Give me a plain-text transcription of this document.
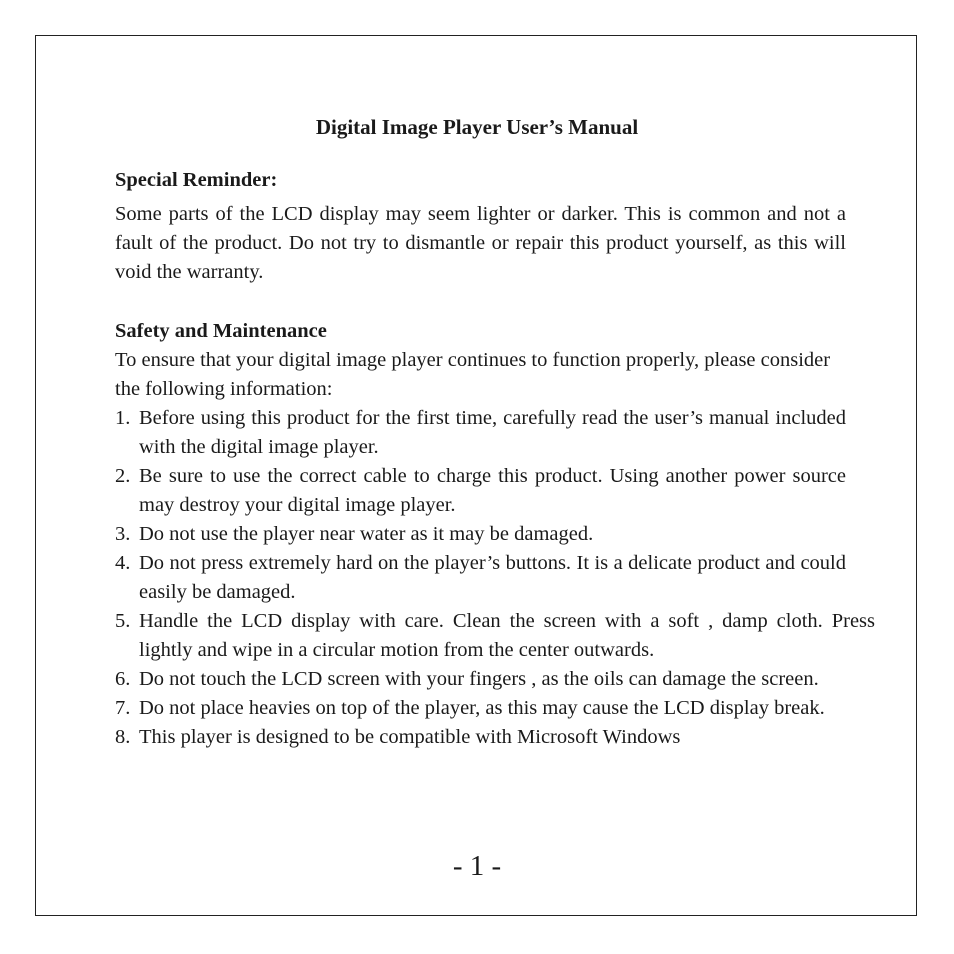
Digital Image Player User’s Manual
Special Reminder:

Some parts of the LCD display may seem lighter or darker. This is common and not a fault of the product. Do not try to dismantle or repair this product yourself, as this will void the warranty.

Safety and Maintenance

To ensure that your digital image player continues to function properly, please consider the following information:

1. Before using this product for the first time, carefully read the user’s manual included with the digital image player.
2. Be sure to use the correct cable to charge this product. Using another power source may destroy your digital image player.
3. Do not use the player near water as it may be damaged.
4. Do not press extremely hard on the player’s buttons. It is a delicate product and could easily be damaged.
5. Handle the LCD display with care. Clean the screen with a soft , damp cloth. Press lightly and wipe in a circular motion from the center outwards.
6. Do not touch the LCD screen with your fingers , as the oils can damage the screen.
7. Do not place heavies on top of the player, as this may cause the LCD display break.
8. This player is designed to be compatible with Microsoft Windows
- 1 -
